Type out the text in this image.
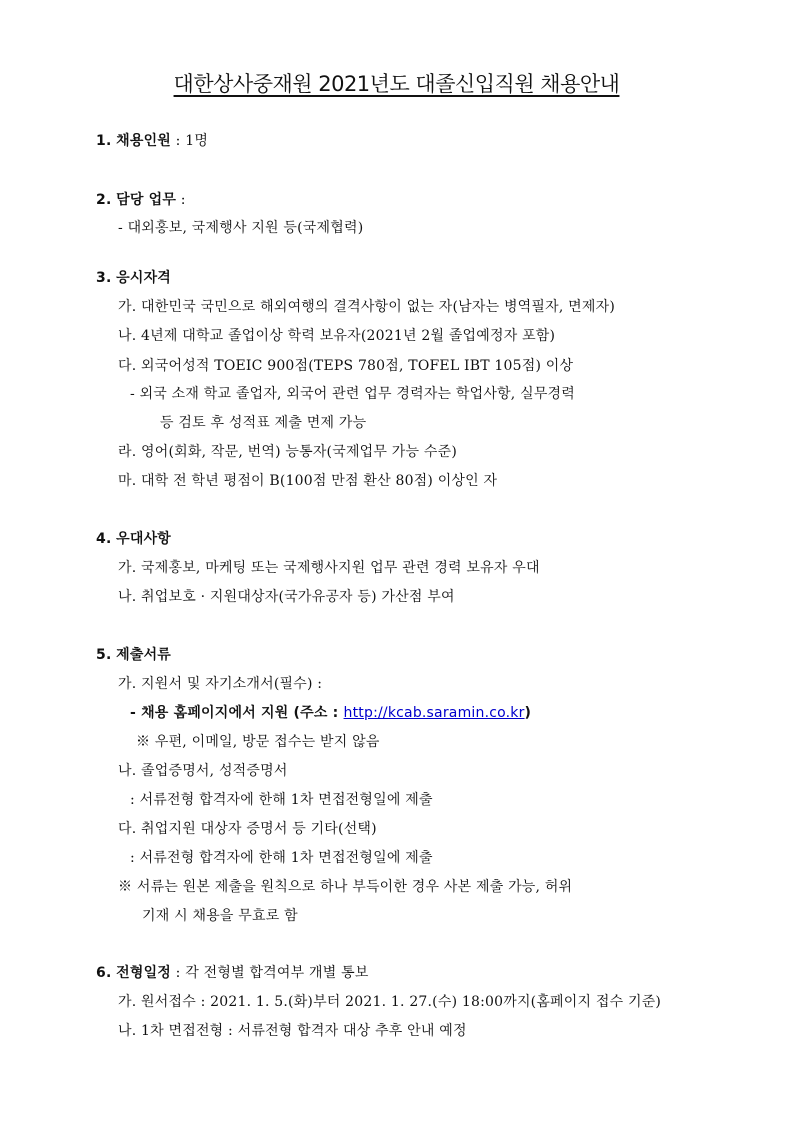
대한상사중재원 2021년도 대졸신입직원 채용안내
1. 채용인원 : 1명
2. 담당 업무 :
- 대외홍보, 국제행사 지원 등(국제협력)
3. 응시자격
가. 대한민국 국민으로 해외여행의 결격사항이 없는 자(남자는 병역필자, 면제자)
나. 4년제 대학교 졸업이상 학력 보유자(2021년 2월 졸업예정자 포함)
다. 외국어성적 TOEIC 900점(TEPS 780점, TOFEL IBT 105점) 이상
- 외국 소재 학교 졸업자, 외국어 관련 업무 경력자는 학업사항, 실무경력
등 검토 후 성적표 제출 면제 가능
라. 영어(회화, 작문, 번역) 능통자(국제업무 가능 수준)
마. 대학 전 학년 평점이 B(100점 만점 환산 80점) 이상인 자
4. 우대사항
가. 국제홍보, 마케팅 또는 국제행사지원 업무 관련 경력 보유자 우대
나. 취업보호 · 지원대상자(국가유공자 등) 가산점 부여
5. 제출서류
가. 지원서 및 자기소개서(필수) :
- 채용 홈페이지에서 지원 (주소 : http://kcab.saramin.co.kr)
※ 우편, 이메일, 방문 접수는 받지 않음
나. 졸업증명서, 성적증명서
: 서류전형 합격자에 한해 1차 면접전형일에 제출
다. 취업지원 대상자 증명서 등 기타(선택)
: 서류전형 합격자에 한해 1차 면접전형일에 제출
※ 서류는 원본 제출을 원칙으로 하나 부득이한 경우 사본 제출 가능, 허위
기재 시 채용을 무효로 함
6. 전형일정 : 각 전형별 합격여부 개별 통보
가. 원서접수 : 2021. 1. 5.(화)부터 2021. 1. 27.(수) 18:00까지(홈페이지 접수 기준)
나. 1차 면접전형 : 서류전형 합격자 대상 추후 안내 예정
